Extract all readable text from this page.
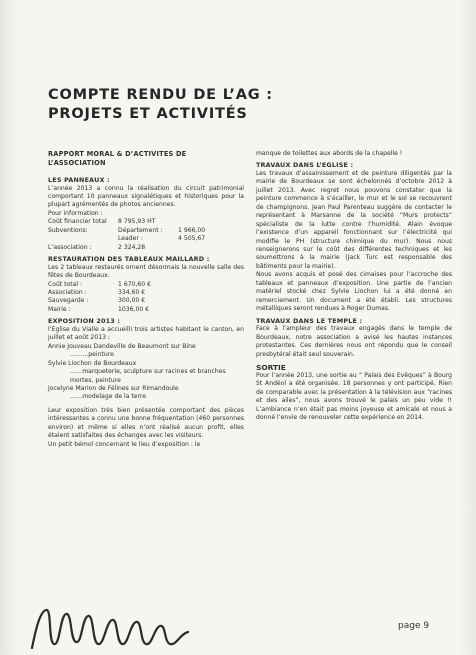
COMPTE RENDU DE L’AG :
PROJETS ET ACTIVITÉS
RAPPORT MORAL & D’ACTIVITES DE L’ASSOCIATION
LES PANNEAUX :

L’année 2013 a connu la réalisation du circuit patrimonial comportant 10 panneaux signalétiques et historiques pour la plupart agrémentés de photos anciennes.

Pour information :
Coût financier total	8 795,93 HT
Subventions:	Département :	1 966,00
Leader :	4 505,67
L’association :	2 324,28
RESTAURATION DES TABLEAUX MAILLARD :

Les 2 tableaux restaurés ornent désormais la nouvelle salle des fêtes de Bourdeaux.

Coût total :	1 670,60 €
Association :	334,60 €
Sauvegarde :	300,00 €
Mairie :	1036,00 €
EXPOSITION 2013 :

l’Eglise du Vialle a accueilli trois artistes habitant le canton, en juillet et août 2013 :

Annie Jouveau Dandeville de Beaumont sur Bine
………peinture
Sylvie Liochon de Bourdeaux
……marqueterie, sculpture sur racines et branches mortes, peinture
Jocelyne Marion de Félines sur Rimandoule
……modelage de la terre

Leur exposition très bien présentée comportant des pièces intéressantes a connu une bonne fréquentation (460 personnes environ) et même si elles n’ont réalisé aucun profit, elles étaient satisfaites des échanges avec les visiteurs.

Un petit bémol concernant le lieu d’exposition : le

manque de toilettes aux abords de la chapelle !

TRAVAUX DANS L’EGLISE :

Les travaux d’assainissement et de peinture diligentés par la mairie de Bourdeaux se sont échelonnés d’octobre 2012 à juillet 2013. Avec regret nous pouvons constater que la peinture commence à s’écailler, le mur et le sol se recouvrent de champignons. Jean Paul Parenteau suggère de contacter le représentant à Marsanne de la société “Murs protects” spécialiste de la lutte contre l’humidité. Alain évoque l’existence d’un appareil fonctionnant sur l’électricité qui modifie le PH (structure chimique du mur). Nous nous renseignerons sur le coût des différentes techniques et les soumettrons à la mairie (Jack Turc est responsable des bâtiments pour la mairie).

Nous avons acquis et posé des cimaises pour l’accroche des tableaux et panneaux d’exposition. Une partie de l’ancien matériel stocké chez Sylvie Liochon lui a été donné en remerciement. Un document a été établi. Les structures métalliques seront rendues à Roger Dumas.

TRAVAUX DANS LE TEMPLE :

Face à l’ampleur des travaux engagés dans le temple de Bourdeaux, notre association a avisé les hautes instances protestantes. Ces dernières nous ont répondu que le conseil presbytéral était seul souverain.

SORTIE

Pour l’année 2013, une sortie au “ Palais des Evêques” à Bourg St Andéol a été organisée. 18 personnes y ont participé. Rien de comparable avec la présentation à la télévision aux “racines et des ailes”, nous avons trouvé le palais un peu vide !! L’ambiance n’en était pas moins joyeuse et amicale et nous a donné l’envie de renouveler cette expérience en 2014.

page 9
